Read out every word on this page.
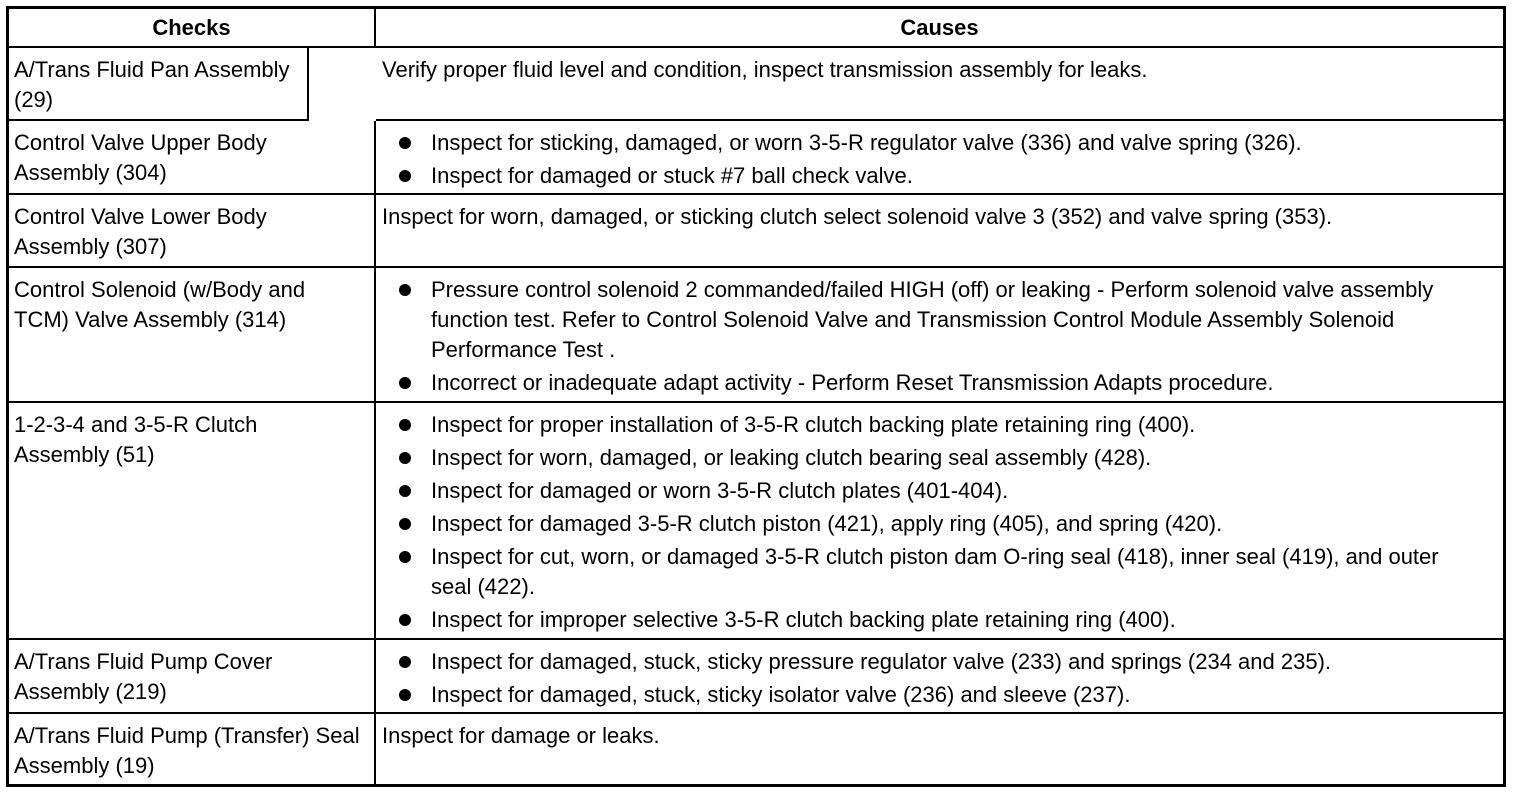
Checks	Causes
A/Trans Fluid Pan Assembly (29)
Verify proper fluid level and condition, inspect transmission assembly for leaks.
Control Valve Upper Body Assembly (304)
Inspect for sticking, damaged, or worn 3-5-R regulator valve (336) and valve spring (326).
Inspect for damaged or stuck #7 ball check valve.
Control Valve Lower Body Assembly (307)
Inspect for worn, damaged, or sticking clutch select solenoid valve 3 (352) and valve spring (353).
Control Solenoid (w/Body and TCM) Valve Assembly (314)
Pressure control solenoid 2 commanded/failed HIGH (off) or leaking - Perform solenoid valve assembly function test. Refer to Control Solenoid Valve and Transmission Control Module Assembly Solenoid Performance Test .
Incorrect or inadequate adapt activity - Perform Reset Transmission Adapts procedure.
1-2-3-4 and 3-5-R Clutch Assembly (51)
Inspect for proper installation of 3-5-R clutch backing plate retaining ring (400).
Inspect for worn, damaged, or leaking clutch bearing seal assembly (428).
Inspect for damaged or worn 3-5-R clutch plates (401-404).
Inspect for damaged 3-5-R clutch piston (421), apply ring (405), and spring (420).
Inspect for cut, worn, or damaged 3-5-R clutch piston dam O-ring seal (418), inner seal (419), and outer seal (422).
Inspect for improper selective 3-5-R clutch backing plate retaining ring (400).
A/Trans Fluid Pump Cover Assembly (219)
Inspect for damaged, stuck, sticky pressure regulator valve (233) and springs (234 and 235).
Inspect for damaged, stuck, sticky isolator valve (236) and sleeve (237).
A/Trans Fluid Pump (Transfer) Seal Assembly (19)
Inspect for damage or leaks.
